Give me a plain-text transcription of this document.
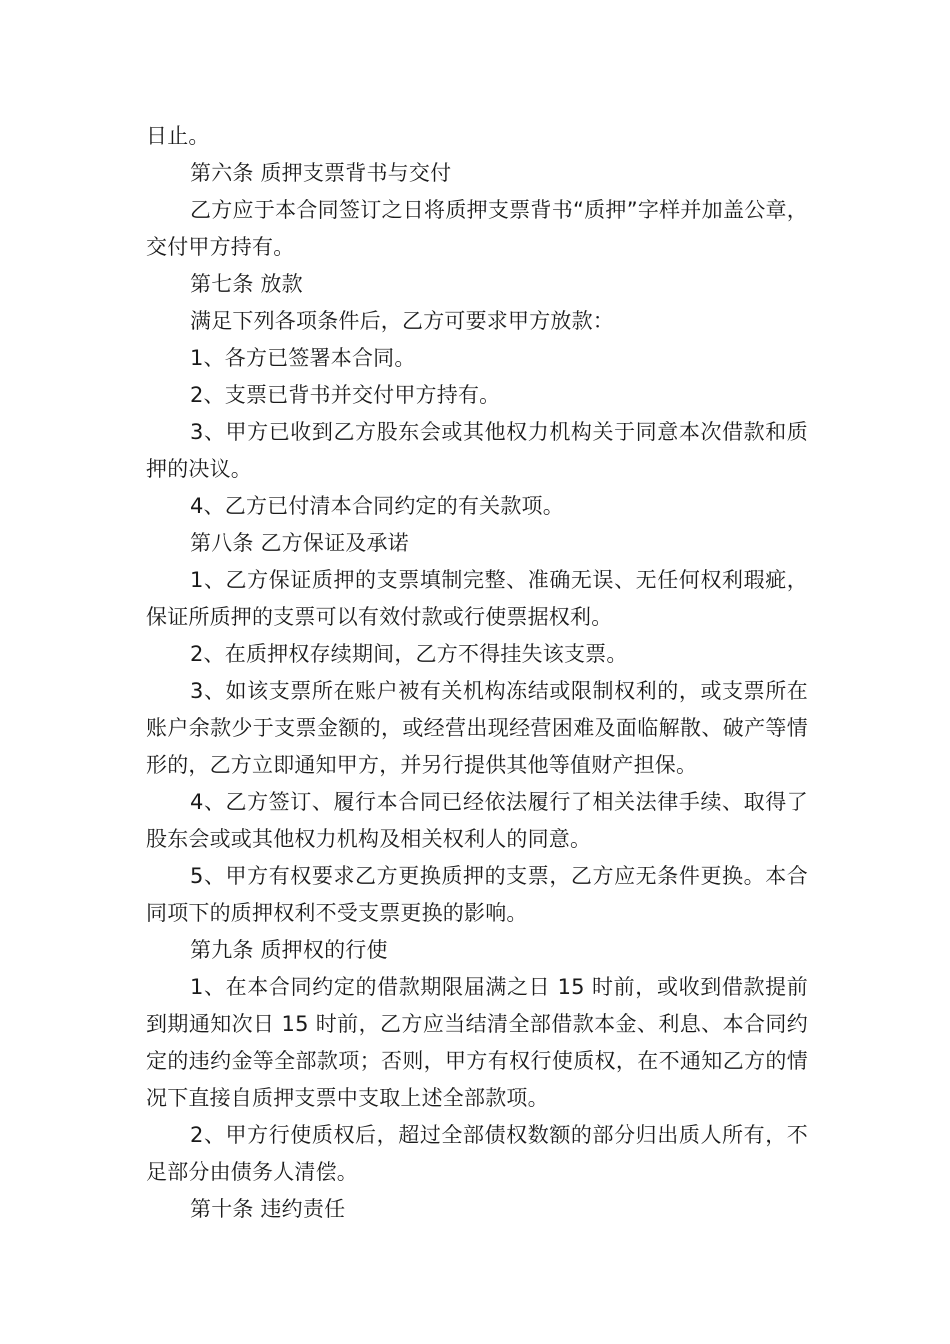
日止。

第六条 质押支票背书与交付

乙方应于本合同签订之日将质押支票背书“质押”字样并加盖公章，交付甲方持有。

第七条 放款

满足下列各项条件后，乙方可要求甲方放款：

1、各方已签署本合同。

2、支票已背书并交付甲方持有。

3、甲方已收到乙方股东会或其他权力机构关于同意本次借款和质押的决议。

4、乙方已付清本合同约定的有关款项。

第八条 乙方保证及承诺

1、乙方保证质押的支票填制完整、准确无误、无任何权利瑕疵，保证所质押的支票可以有效付款或行使票据权利。

2、在质押权存续期间，乙方不得挂失该支票。

3、如该支票所在账户被有关机构冻结或限制权利的，或支票所在账户余款少于支票金额的，或经营出现经营困难及面临解散、破产等情形的，乙方立即通知甲方，并另行提供其他等值财产担保。

4、乙方签订、履行本合同已经依法履行了相关法律手续、取得了股东会或或其他权力机构及相关权利人的同意。

5、甲方有权要求乙方更换质押的支票，乙方应无条件更换。本合同项下的质押权利不受支票更换的影响。

第九条 质押权的行使

1、在本合同约定的借款期限届满之日 15 时前，或收到借款提前到期通知次日 15 时前，乙方应当结清全部借款本金、利息、本合同约定的违约金等全部款项；否则，甲方有权行使质权，在不通知乙方的情况下直接自质押支票中支取上述全部款项。

2、甲方行使质权后，超过全部债权数额的部分归出质人所有，不足部分由债务人清偿。

第十条 违约责任
